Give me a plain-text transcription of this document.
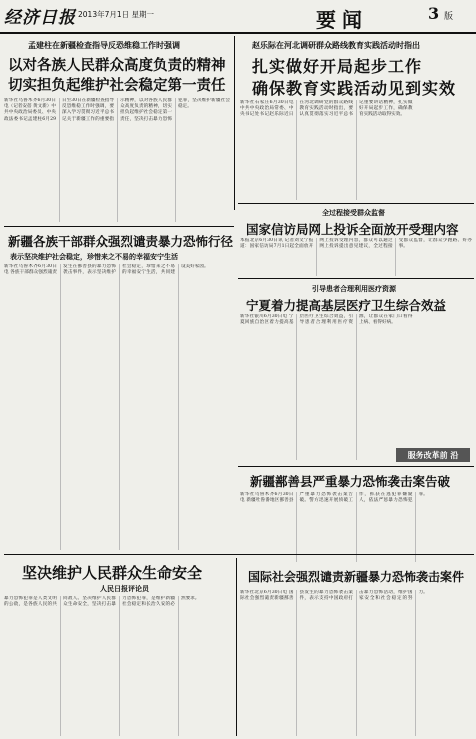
经济日报 2013年7月1日 星期一	要闻	3 版
孟建柱在新疆检查指导反恐维稳工作时强调
以对各族人民群众高度负责的精神
切实担负起维护社会稳定第一责任
新华社乌鲁木齐6月30日电（记者安蓓 黄文新）中共中央政治局委员、中央政法委书记孟建柱6月29日至30日在新疆检查指导反恐维稳工作时强调，要深入学习贯彻习近平总书记关于新疆工作的重要指示精神，以对各族人民群众高度负责的精神，切实担负起维护社会稳定第一责任，坚决打击暴力恐怖犯罪，坚决维护新疆社会稳定。
赵乐际在河北调研群众路线教育实践活动时指出
扎实做好开局起步工作
确保教育实践活动见到实效
新华社石家庄6月30日电 中共中央政治局常委、中央书记处书记赵乐际近日在河北调研党的群众路线教育实践活动时指出，要认真贯彻落实习近平总书记重要讲话精神，扎实做好开局起步工作，确保教育实践活动取得实效。
全过程接受群众监督
国家信访局网上投诉全面放开受理内容
本报北京6月30日讯 记者刘文宁报道：国家信访局7月1日起全面放开网上投诉受理内容，群众可以通过网上投诉提出意见建议，全过程接受群众监督，让群众少跑路、好办事。
新疆各族干部群众强烈谴责暴力恐怖行径
表示坚决维护社会稳定，珍惜来之不易的幸福安宁生活
新华社乌鲁木齐6月30日电 各族干部群众强烈谴责发生在鄯善县的暴力恐怖袭击事件，表示坚决维护社会稳定，珍惜来之不易的幸福安宁生活，共同建设美好家园。
引导患者合理利用医疗资源
宁夏着力提高基层医疗卫生综合效益
新华社银川6月30日电 宁夏回族自治区着力提高基层医疗卫生综合效益，引导患者合理利用医疗资源，让群众在家门口看得上病、看得好病。
服务改革前 沿
新疆鄯善县严重暴力恐怖袭击案告破
新华社乌鲁木齐6月30日电 新疆吐鲁番地区鄯善县严重暴力恐怖袭击案告破。警方迅速开展侦破工作，抓获在逃犯罪嫌疑人，依法严惩暴力恐怖犯罪。
坚决维护人民群众生命安全
人民日报评论员
暴力恐怖犯罪是人类文明的公敌，是各族人民的共同敌人。坚决维护人民群众生命安全，坚决打击暴力恐怖犯罪，是维护新疆社会稳定和长治久安的必然要求。
国际社会强烈谴责新疆暴力恐怖袭击案件
新华社北京6月30日电 国际社会强烈谴责新疆鄯善县发生的暴力恐怖袭击案件，表示支持中国政府打击暴力恐怖活动，维护国家安全和社会稳定的努力。
